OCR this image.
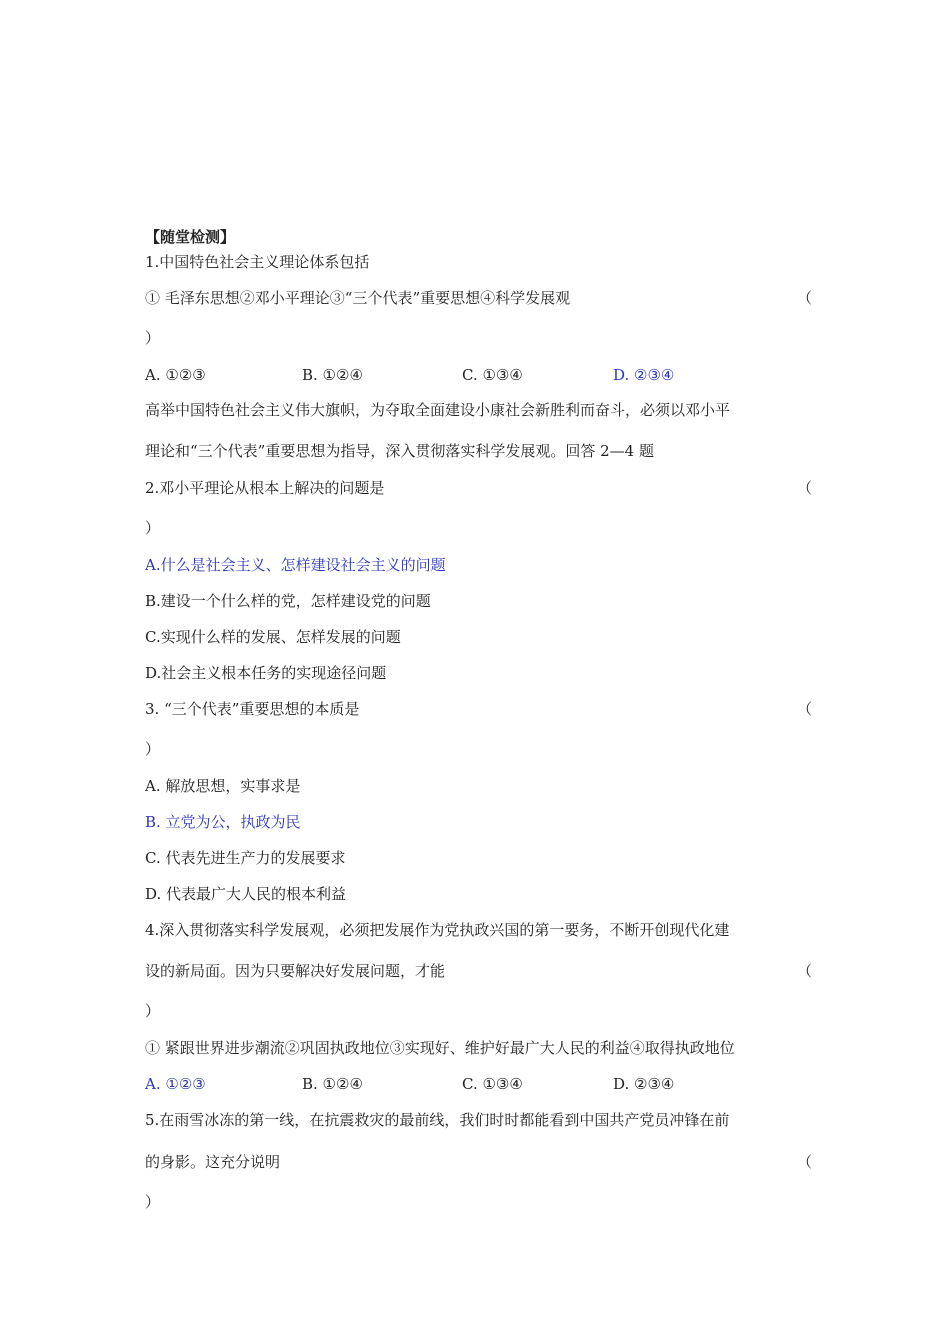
【随堂检测】
1.中国特色社会主义理论体系包括
① 毛泽东思想②邓小平理论③“三个代表”重要思想④科学发展观	（
）
A. ①②③	B. ①②④	C. ①③④	D. ②③④
高举中国特色社会主义伟大旗帜，为夺取全面建设小康社会新胜利而奋斗，必须以邓小平
理论和“三个代表”重要思想为指导，深入贯彻落实科学发展观。回答 2—4 题
2.邓小平理论从根本上解决的问题是	（
）
A.什么是社会主义、怎样建设社会主义的问题
B.建设一个什么样的党，怎样建设党的问题
C.实现什么样的发展、怎样发展的问题
D.社会主义根本任务的实现途径问题
3. “三个代表”重要思想的本质是	（
）
A. 解放思想，实事求是
B. 立党为公，执政为民
C. 代表先进生产力的发展要求
D. 代表最广大人民的根本利益
4.深入贯彻落实科学发展观，必须把发展作为党执政兴国的第一要务，不断开创现代化建
设的新局面。因为只要解决好发展问题，才能	（
）
① 紧跟世界进步潮流②巩固执政地位③实现好、维护好最广大人民的利益④取得执政地位
A. ①②③	B. ①②④	C. ①③④	D. ②③④
5.在雨雪冰冻的第一线，在抗震救灾的最前线，我们时时都能看到中国共产党员冲锋在前
的身影。这充分说明	（
）
